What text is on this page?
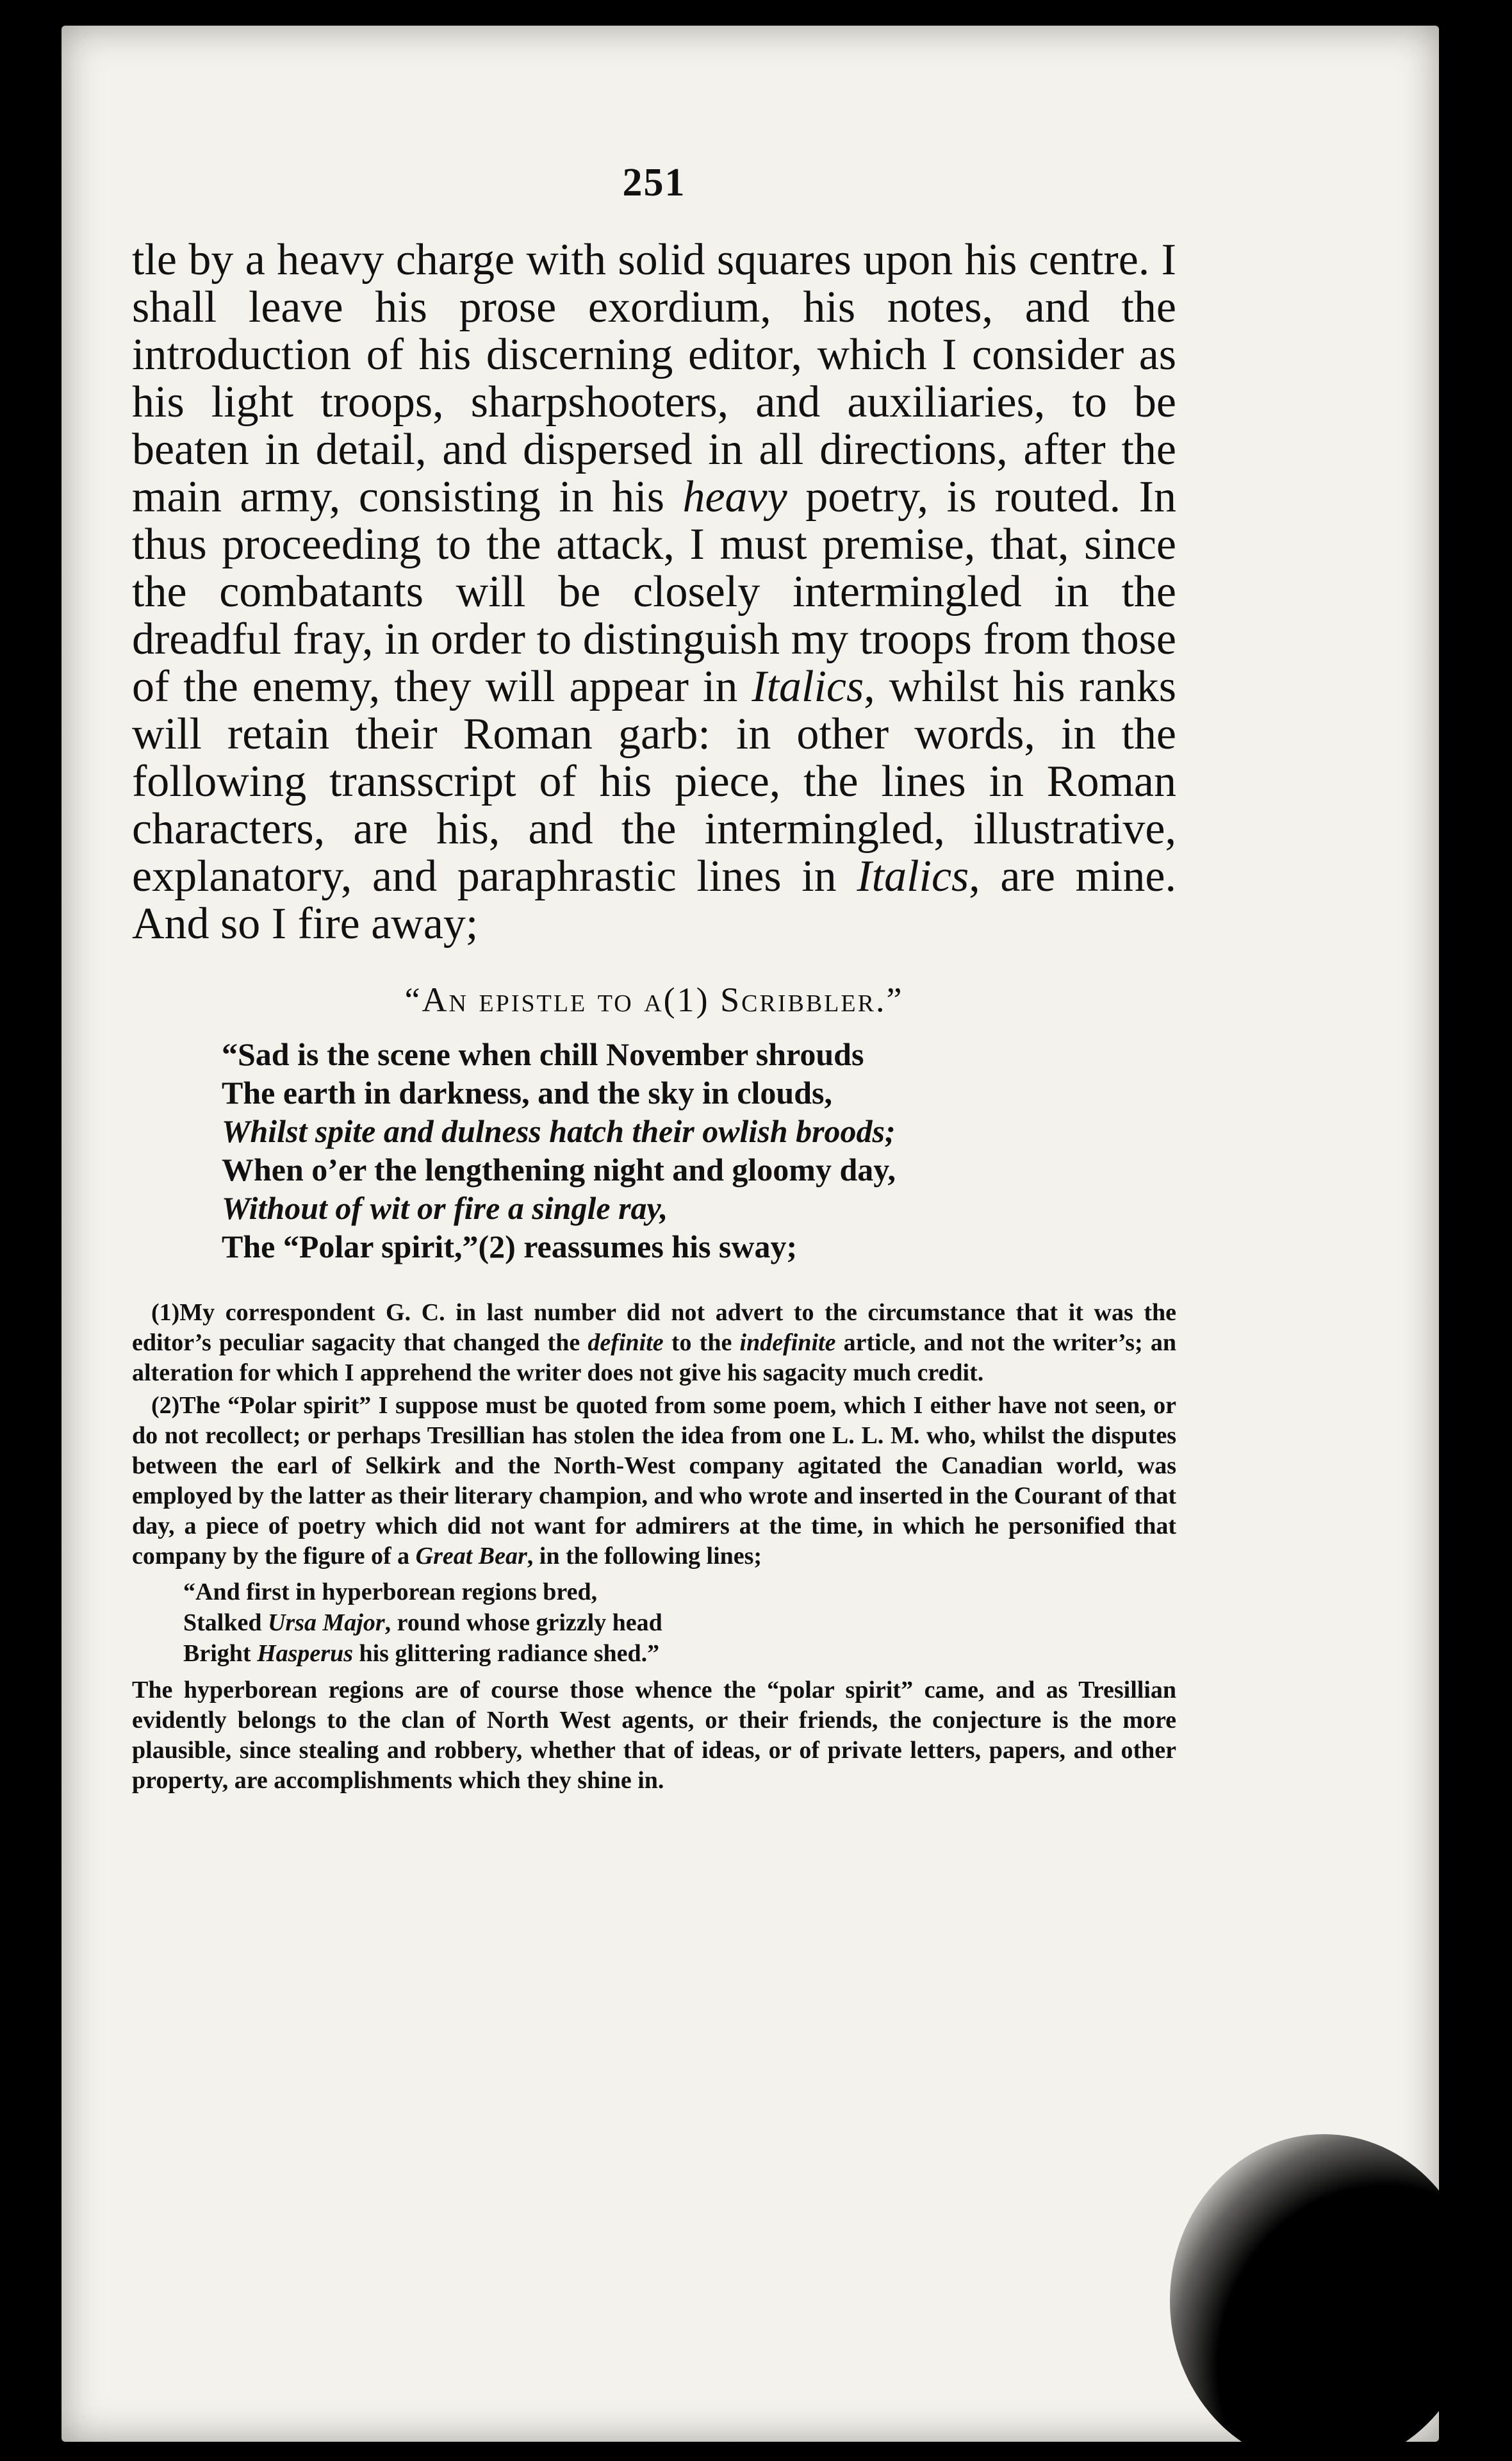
251

tle by a heavy charge with solid squares upon his centre. I shall leave his prose exordium, his notes, and the introduction of his discerning editor, which I consider as his light troops, sharpshooters, and auxiliaries, to be beaten in detail, and dispersed in all directions, after the main army, consisting in his heavy poetry, is routed. In thus proceeding to the attack, I must premise, that, since the combatants will be closely intermingled in the dreadful fray, in order to distinguish my troops from those of the enemy, they will appear in Italics, whilst his ranks will retain their Roman garb: in other words, in the following transscript of his piece, the lines in Roman characters, are his, and the intermingled, illustrative, explanatory, and paraphrastic lines in Italics, are mine. And so I fire away;

“An epistle to a(1) Scribbler.”
“Sad is the scene when chill November shrouds
The earth in darkness, and the sky in clouds,
Whilst spite and dulness hatch their owlish broods;
When o’er the lengthening night and gloomy day,
Without of wit or fire a single ray,
The “Polar spirit,”(2) reassumes his sway;

(1)My correspondent G. C. in last number did not advert to the circumstance that it was the editor’s peculiar sagacity that changed the definite to the indefinite article, and not the writer’s; an alteration for which I apprehend the writer does not give his sagacity much credit.

(2)The “Polar spirit” I suppose must be quoted from some poem, which I either have not seen, or do not recollect; or perhaps Tresillian has stolen the idea from one L. L. M. who, whilst the disputes between the earl of Selkirk and the North-West company agitated the Canadian world, was employed by the latter as their literary champion, and who wrote and inserted in the Courant of that day, a piece of poetry which did not want for admirers at the time, in which he personified that company by the figure of a Great Bear, in the following lines;

“And first in hyperborean regions bred,
Stalked Ursa Major, round whose grizzly head
Bright Hasperus his glittering radiance shed.”

The hyperborean regions are of course those whence the “polar spirit” came, and as Tresillian evidently belongs to the clan of North West agents, or their friends, the conjecture is the more plausible, since stealing and robbery, whether that of ideas, or of private letters, papers, and other property, are accomplishments which they shine in.
